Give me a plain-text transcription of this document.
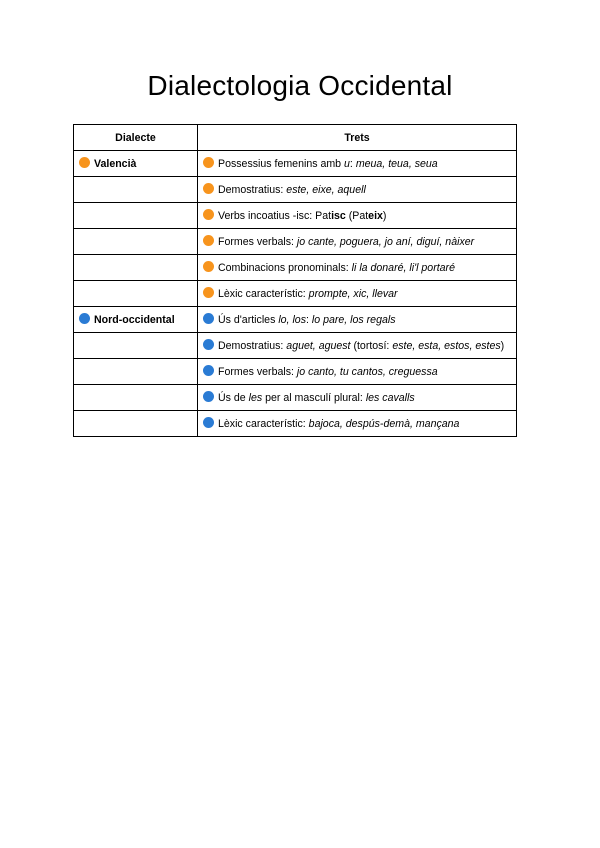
Dialectologia Occidental
Dialecte	Trets
Valencià	Possessius femenins amb u: meua, teua, seua
	Demostratius: este, eixe, aquell
	Verbs incoatius -isc: Patisc (Pateix)
	Formes verbals: jo cante, poguera, jo aní, diguí, nàixer
	Combinacions pronominals: li la donaré, li'l portaré
	Lèxic característic: prompte, xic, llevar
Nord-occidental	Ús d'articles lo, los: lo pare, los regals
	Demostratius: aguet, aguest (tortosí: este, esta, estos, estes)
	Formes verbals: jo canto, tu cantos, creguessa
	Ús de les per al masculí plural: les cavalls
	Lèxic característic: bajoca, despús-demà, mançana
